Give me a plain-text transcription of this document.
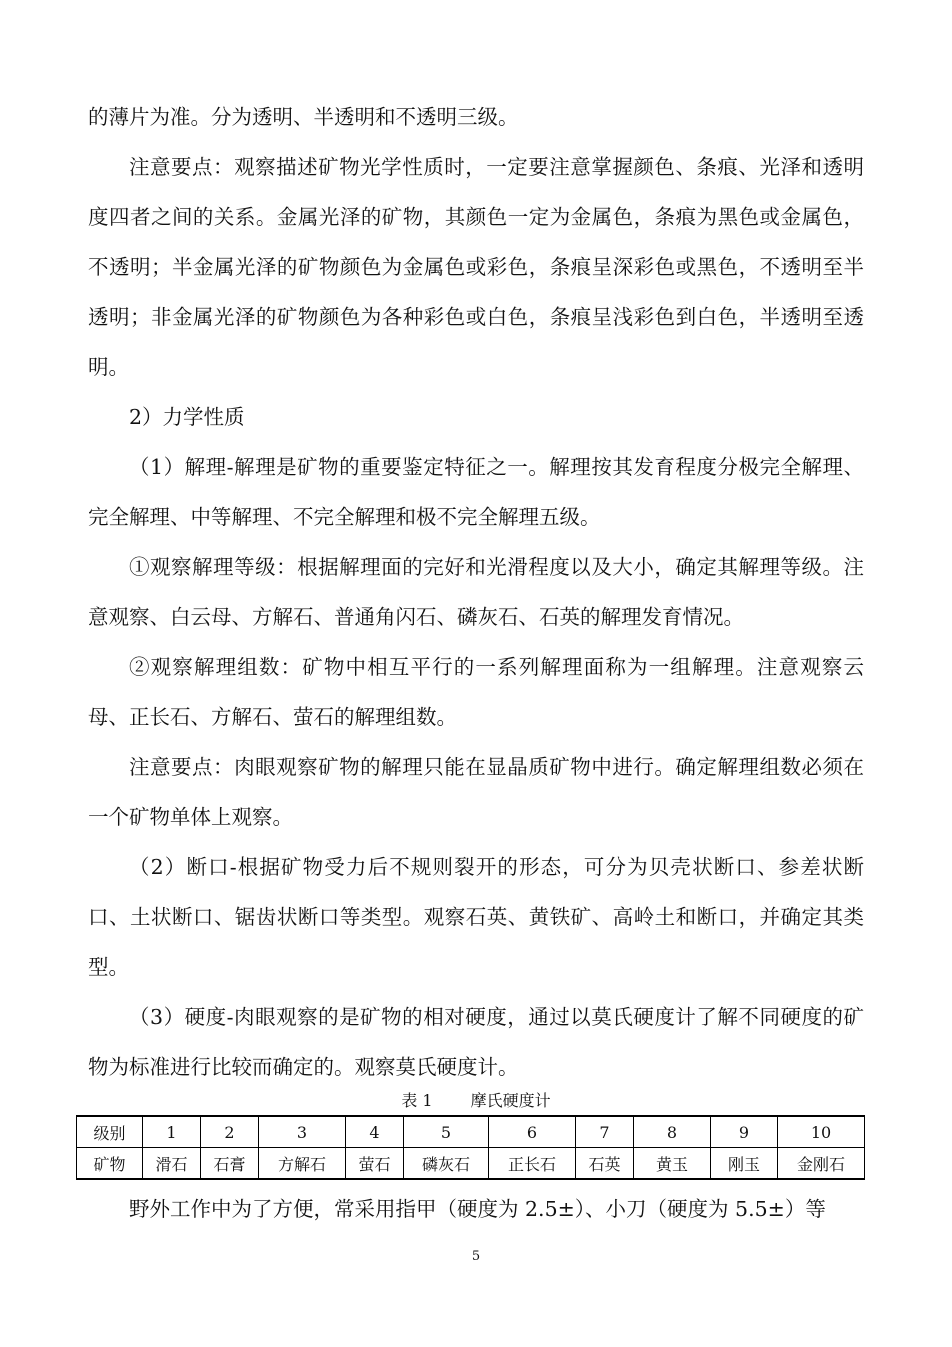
的薄片为准。分为透明、半透明和不透明三级。

注意要点：观察描述矿物光学性质时，一定要注意掌握颜色、条痕、光泽和透明度四者之间的关系。金属光泽的矿物，其颜色一定为金属色，条痕为黑色或金属色，不透明；半金属光泽的矿物颜色为金属色或彩色，条痕呈深彩色或黑色，不透明至半透明；非金属光泽的矿物颜色为各种彩色或白色，条痕呈浅彩色到白色，半透明至透明。

2）力学性质

（1）解理-解理是矿物的重要鉴定特征之一。解理按其发育程度分极完全解理、完全解理、中等解理、不完全解理和极不完全解理五级。

①观察解理等级：根据解理面的完好和光滑程度以及大小，确定其解理等级。注意观察、白云母、方解石、普通角闪石、磷灰石、石英的解理发育情况。

②观察解理组数：矿物中相互平行的一系列解理面称为一组解理。注意观察云母、正长石、方解石、萤石的解理组数。

注意要点：肉眼观察矿物的解理只能在显晶质矿物中进行。确定解理组数必须在一个矿物单体上观察。

（2）断口-根据矿物受力后不规则裂开的形态，可分为贝壳状断口、参差状断口、土状断口、锯齿状断口等类型。观察石英、黄铁矿、高岭土和断口，并确定其类型。

（3）硬度-肉眼观察的是矿物的相对硬度，通过以莫氏硬度计了解不同硬度的矿物为标准进行比较而确定的。观察莫氏硬度计。

表 1 摩氏硬度计
级别	1	2	3	4	5	6	7	8	9	10
矿物	滑石	石膏	方解石	萤石	磷灰石	正长石	石英	黄玉	刚玉	金刚石

野外工作中为了方便，常采用指甲（硬度为 2.5±）、小刀（硬度为 5.5±）等

5
